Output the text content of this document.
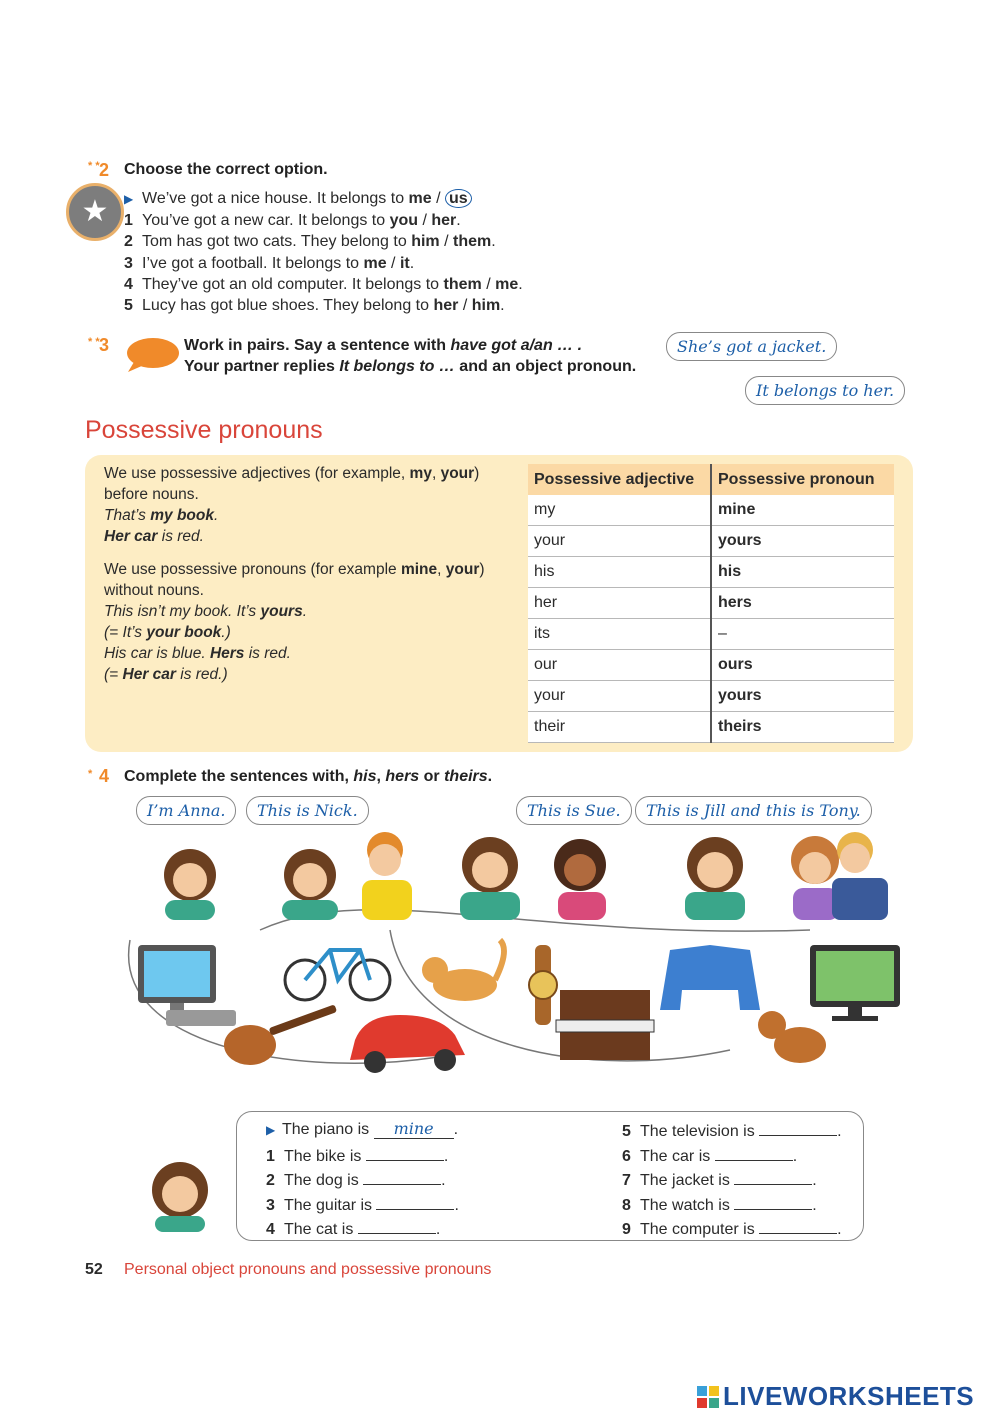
* * 2 Choose the correct option.
★ ▶ We’ve got a nice house. It belongs to me / us
1 You’ve got a new car. It belongs to you / her.
2 Tom has got two cats. They belong to him / them.
3 I’ve got a football. It belongs to me / it.
4 They’ve got an old computer. It belongs to them / me.
5 Lucy has got blue shoes. They belong to her / him.
* * 3	Work in pairs. Say a sentence with have got a/an … .
Your partner replies It belongs to … and an object pronoun.
She’s got a jacket.
It belongs to her.
Possessive pronouns
We use possessive adjectives (for example, my, your)
before nouns.
That’s my book.
Her car is red.
We use possessive pronouns (for example mine, your)
without nouns.
This isn’t my book. It’s yours.
(= It’s your book.)
His car is blue. Hers is red.
(= Her car is red.)
Possessive adjective	Possessive pronoun
my	mine
your	yours
his	his
her	hers
its	–
our	ours
your	yours
their	theirs
* 4 Complete the sentences with, his, hers or theirs.
I’m Anna.	This is Nick.	This is Sue.	This is Jill and this is Tony.
▶ The piano is mine .
1 The bike is	.
2 The dog is	.
3 The guitar is	.
4 The cat is	.
5 The television is	.
6 The car is	.
7 The jacket is	.
8 The watch is	.
9 The computer is	.
52 Personal object pronouns and possessive pronouns
LIVEWORKSHEETS
